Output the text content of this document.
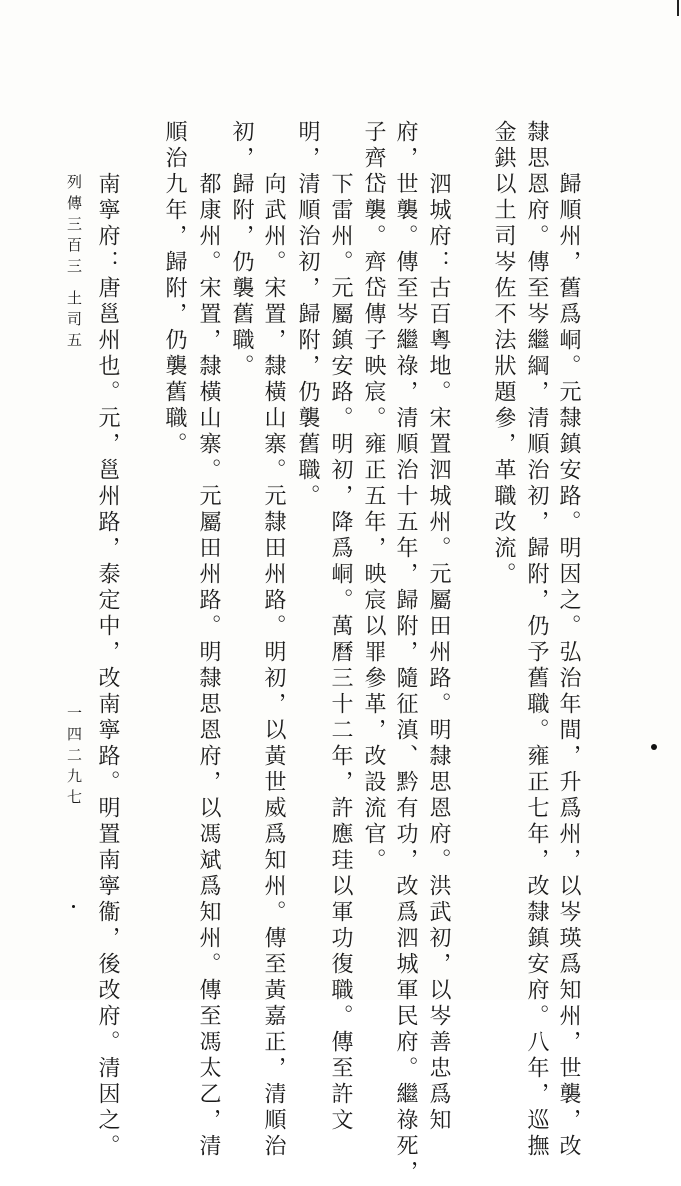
歸順州，舊爲峒。元隸鎮安路。明因之。弘治年間，升爲州，以岑瑛爲知州，世襲，改
隸思恩府。傳至岑繼綱，清順治初，歸附，仍予舊職。雍正七年，改隸鎮安府。八年，巡撫
金鉷以土司岑佐不法狀題參，革職改流。
泗城府：古百粵地。宋置泗城州。元屬田州路。明隸思恩府。洪武初，以岑善忠爲知
府，世襲。傳至岑繼祿，清順治十五年，歸附，隨征滇、黔有功，改爲泗城軍民府。繼祿死，
子齊岱襲。齊岱傳子映宸。雍正五年，映宸以罪參革，改設流官。
下雷州。元屬鎮安路。明初，降爲峒。萬曆三十二年，許應珪以軍功復職。傳至許文
明，清順治初，歸附，仍襲舊職。
向武州。宋置，隸橫山寨。元隸田州路。明初，以黃世威爲知州。傳至黃嘉正，清順治
初，歸附，仍襲舊職。
都康州。宋置，隸橫山寨。元屬田州路。明隸思恩府，以馮斌爲知州。傳至馮太乙，清
順治九年，歸附，仍襲舊職。
南寧府：唐邕州也。元，邕州路，泰定中，改南寧路。明置南寧衞，後改府。清因之。
列傳三百三
土司五
一四二九七
